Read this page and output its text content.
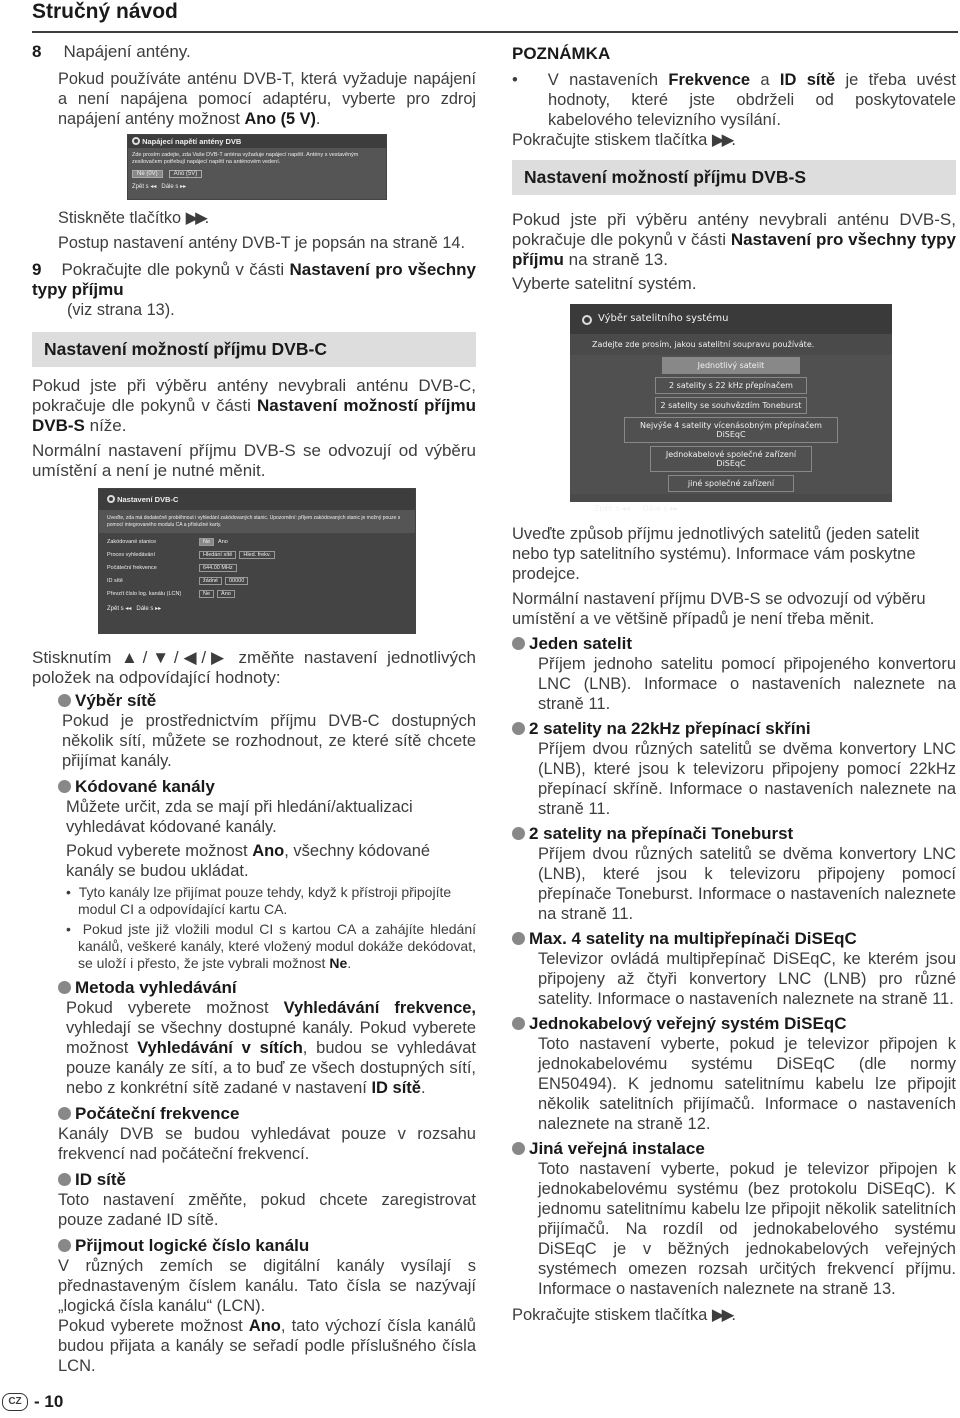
Stručný návod

8 Napájení antény.

Pokud používáte anténu DVB-T, která vyžaduje napájení a není napájena pomocí adaptéru, vyberte pro zdroj napájení antény možnost Ano (5 V).

Napájecí napětí antény DVB
Zde prosím zadejte, zda Vaše DVB-T anténa vyžaduje napájecí napětí. Antény s vestavěným zesilovačem potřebují napájecí napětí na anténovém vedení.
Ne (0V)	Ano (5V)
Zpět s ◂◂ Dále s ▸▸

Stiskněte tlačítko ▶▶.

Postup nastavení antény DVB-T je popsán na straně 14.

9 Pokračujte dle pokynů v části Nastavení pro všechny typy příjmu

(viz strana 13).

Nastavení možností příjmu DVB-C

Pokud jste při výběru antény nevybrali anténu DVB-C, pokračuje dle pokynů v části Nastavení možností příjmu DVB-S níže.

Normální nastavení příjmu DVB-S se odvozují od výběru umístění a není je nutné měnit.

Nastavení DVB-C
Uveďte, zda má dodatečně proběhnout i vyhledání zakódovaných stanic. Upozornění: příjem zakódovaných stanic je možný pouze s pomocí integrovaného modulu CA a příslušné karty.
Zakódované stanice	Ne	Ano
Proces vyhledávání	Hledání sítě	Hled. frekv.
Počáteční frekvence	644.00 MHz
ID sítě	žádné	00000
Převzít číslo log. kanálu (LCN)	Ne	Ano
Zpět s ◂◂ Dále s ▸▸

Stisknutím ▲/▼/◀/▶ změňte nastavení jednotlivých položek na odpovídající hodnoty:

Výběr sítě

Pokud je prostřednictvím příjmu DVB-C dostupných několik sítí, můžete se rozhodnout, ze které sítě chcete přijímat kanály.

Kódované kanály

Můžete určit, zda se mají při hledání/aktualizaci vyhledávat kódované kanály.

Pokud vyberete možnost Ano, všechny kódované kanály se budou ukládat.

•  Tyto kanály lze přijímat pouze tehdy, když k přístroji připojíte modul CI a odpovídající kartu CA.

•  Pokud jste již vložili modul CI s kartou CA a zahájíte hledání kanálů, veškeré kanály, které vložený modul dokáže dekódovat, se uloží i přesto, že jste vybrali možnost Ne.

Metoda vyhledávání

Pokud vyberete možnost Vyhledávání frekvence, vyhledají se všechny dostupné kanály. Pokud vyberete možnost Vyhledávání v sítích, budou se vyhledávat pouze kanály ze sítí, a to buď ze všech dostupných sítí, nebo z konkrétní sítě zadané v nastavení ID sítě.

Počáteční frekvence

Kanály DVB se budou vyhledávat pouze v rozsahu frekvencí nad počáteční frekvencí.

ID sítě

Toto nastavení změňte, pokud chcete zaregistrovat pouze zadané ID sítě.

Přijmout logické číslo kanálu

V různých zemích se digitální kanály vysílají s přednastaveným číslem kanálu. Tato čísla se nazývají „logická čísla kanálu“ (LCN).

Pokud vyberete možnost Ano, tato výchozí čísla kanálů budou přijata a kanály se seřadí podle příslušného čísla LCN.

CZ - 10

POZNÁMKA

• V nastaveních Frekvence a ID sítě je třeba uvést hodnoty, které jste obdrželi od poskytovatele kabelového televizního vysílání.

Pokračujte stiskem tlačítka ▶▶.

Nastavení možností příjmu DVB-S

Pokud jste při výběru antény nevybrali anténu DVB-S, pokračuje dle pokynů v části Nastavení pro všechny typy příjmu na straně 13.

Vyberte satelitní systém.

Výběr satelitního systému
Zadejte zde prosím, jakou satelitní soupravu používáte.
Jednotlivý satelit
2 satelity s 22 kHz přepínačem
2 satelity se souhvězdím Toneburst
Nejvýše 4 satelity vícenásobným přepínačem DiSEqC
Jednokabelové společné zařízení DiSEqC
jiné společné zařízení
Zpět s ◂◂ Dále s ▸▸

Uveďte způsob příjmu jednotlivých satelitů (jeden satelit nebo typ satelitního systému). Informace vám poskytne prodejce.

Normální nastavení příjmu DVB-S se odvozují od výběru umístění a ve většině případů je není třeba měnit.

Jeden satelit

Příjem jednoho satelitu pomocí připojeného konvertoru LNC (LNB). Informace o nastaveních naleznete na straně 11.

2 satelity na 22kHz přepínací skříni

Příjem dvou různých satelitů se dvěma konvertory LNC (LNB), které jsou k televizoru připojeny pomocí 22kHz přepínací skříně. Informace o nastaveních naleznete na straně 11.

2 satelity na přepínači Toneburst

Příjem dvou různých satelitů se dvěma konvertory LNC (LNB), které jsou k televizoru připojeny pomocí přepínače Toneburst. Informace o nastaveních naleznete na straně 11.

Max. 4 satelity na multipřepínači DiSEqC

Televizor ovládá multipřepínač DiSEqC, ke kterém jsou připojeny až čtyři konvertory LNC (LNB) pro různé satelity. Informace o nastaveních naleznete na straně 11.

Jednokabelový veřejný systém DiSEqC

Toto nastavení vyberte, pokud je televizor připojen k jednokabelovému systému DiSEqC (dle normy EN50494). K jednomu satelitnímu kabelu lze připojit několik satelitních přijímačů. Informace o nastaveních naleznete na straně 12.

Jiná veřejná instalace

Toto nastavení vyberte, pokud je televizor připojen k jednokabelovému systému (bez protokolu DiSEqC). K jednomu satelitnímu kabelu lze připojit několik satelitních přijímačů. Na rozdíl od jednokabelového systému DiSEqC je v běžných jednokabelových veřejných systémech omezen rozsah určitých frekvencí příjmu. Informace o nastaveních naleznete na straně 13.

Pokračujte stiskem tlačítka ▶▶.
